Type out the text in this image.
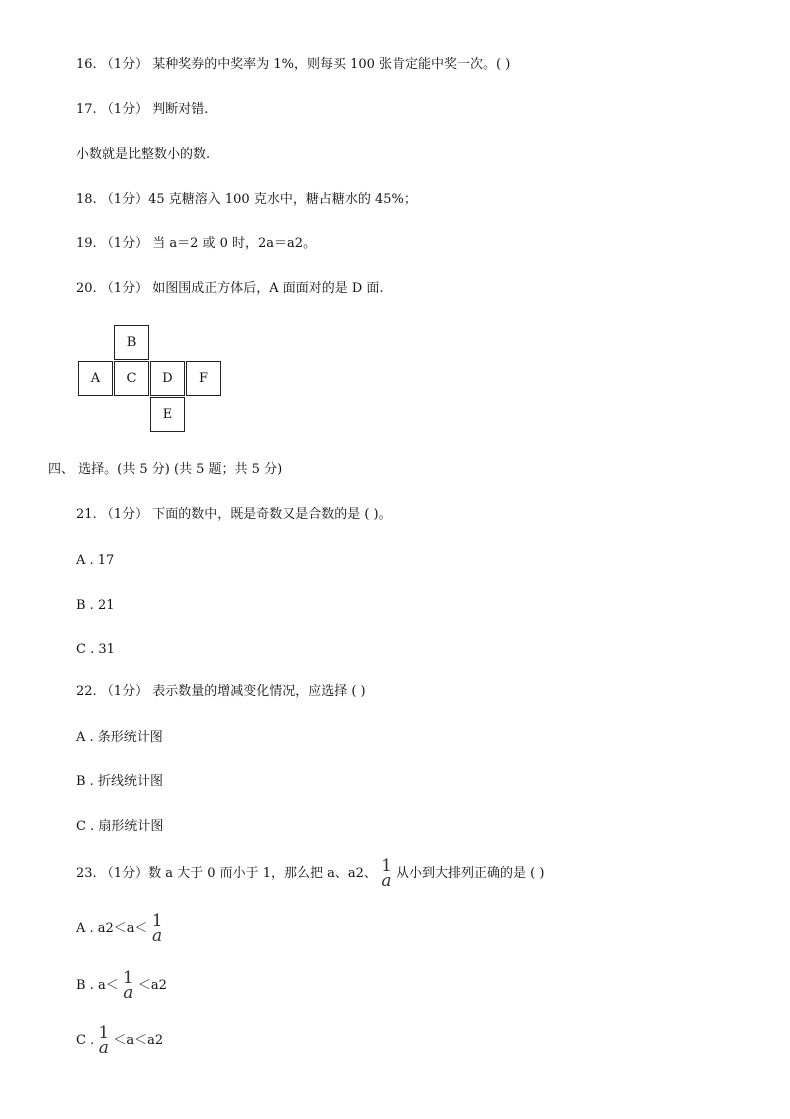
16. （1分） 某种奖券的中奖率为 1%，则每买 100 张肯定能中奖一次。( )
17. （1分） 判断对错.
小数就是比整数小的数.
18. （1分）45 克糖溶入 100 克水中，糖占糖水的 45%；
19. （1分） 当 a＝2 或 0 时，2a＝a2。
20. （1分） 如图围成正方体后，A 面面对的是 D 面.
B
A	C	D	F
E
四、 选择。(共 5 分) (共 5 题；共 5 分)
21. （1分） 下面的数中，既是奇数又是合数的是 ( )。
A . 17
B . 21
C . 31
22. （1分） 表示数量的增减变化情况，应选择 ( )
A . 条形统计图
B . 折线统计图
C . 扇形统计图
23. （1分）数 a 大于 0 而小于 1，那么把 a、a2、 1
a 从小到大排列正确的是 ( )
A . a2＜a＜ 1
a
B . a＜ 1
a ＜a2
C . 1
a ＜a＜a2
